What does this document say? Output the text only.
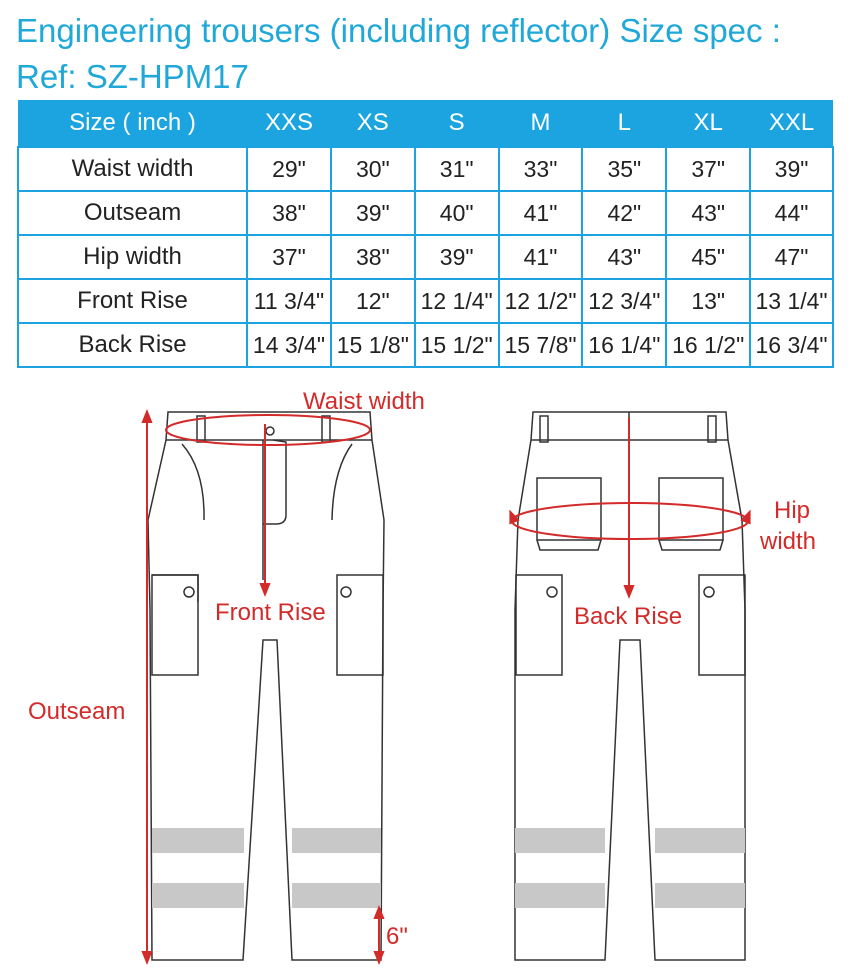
Engineering trousers (including reflector) Size spec :
Ref: SZ-HPM17
Size ( inch )	XXS	XS	S	M	L	XL	XXL
Waist width	29"	30"	31"	33"	35"	37"	39"
Outseam	38"	39"	40"	41"	42"	43"	44"
Hip width	37"	38"	39"	41"	43"	45"	47"
Front Rise	11 3/4"	12"	12 1/4"	12 1/2"	12 3/4"	13"	13 1/4"
Back Rise	14 3/4"	15 1/8"	15 1/2"	15 7/8"	16 1/4"	16 1/2"	16 3/4"
Waist width
Front Rise
Outseam
6"
Hip
width
Back Rise
